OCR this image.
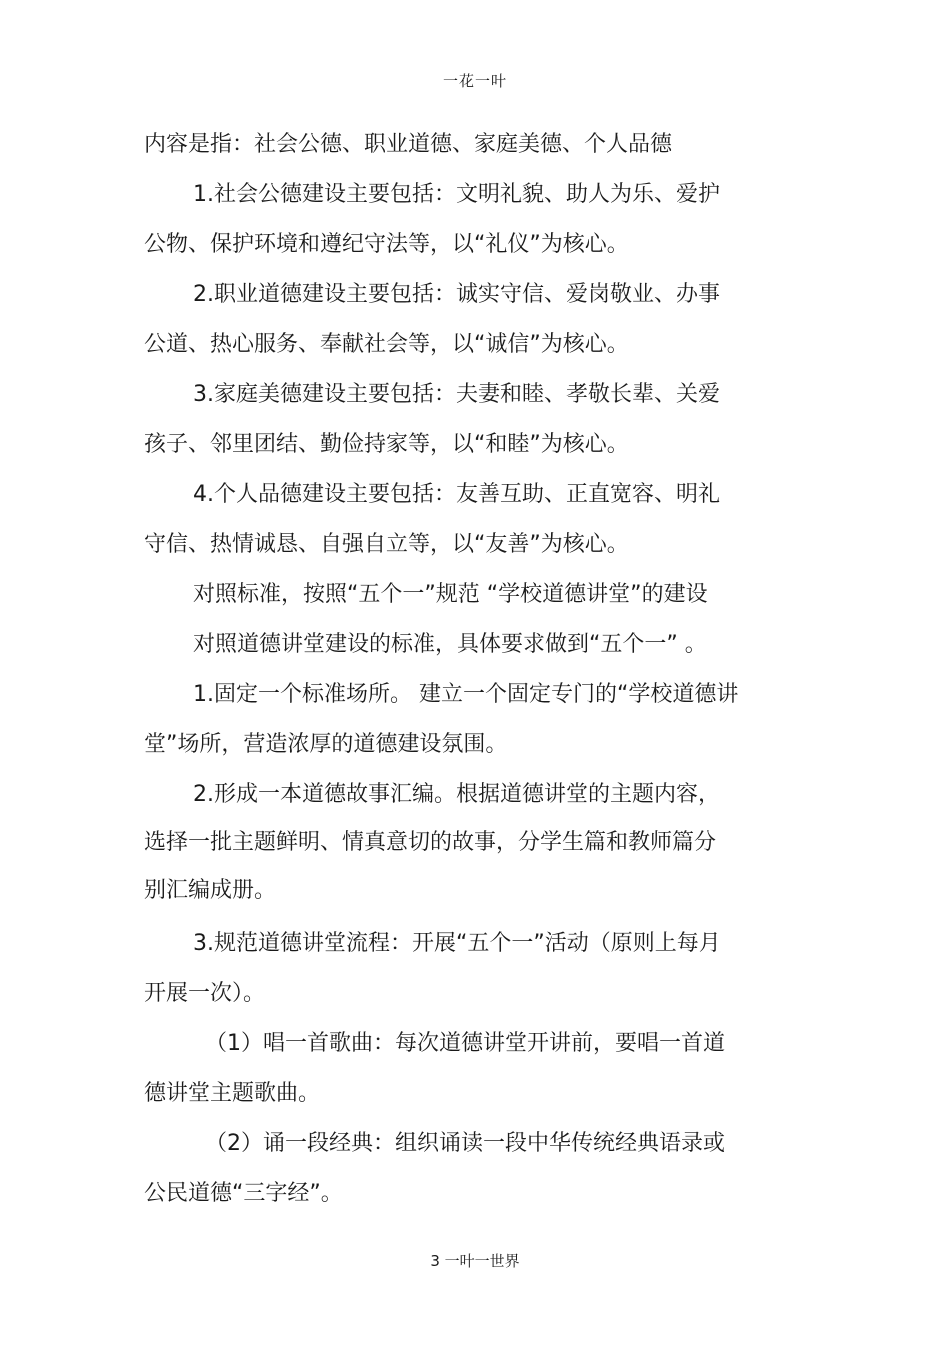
一花一叶
内容是指：社会公德、职业道德、家庭美德、个人品德
1.社会公德建设主要包括：文明礼貌、助人为乐、爱护
公物、保护环境和遵纪守法等，以“礼仪”为核心。
2.职业道德建设主要包括：诚实守信、爱岗敬业、办事
公道、热心服务、奉献社会等，以“诚信”为核心。
3.家庭美德建设主要包括：夫妻和睦、孝敬长辈、关爱
孩子、邻里团结、勤俭持家等，以“和睦”为核心。
4.个人品德建设主要包括：友善互助、正直宽容、明礼
守信、热情诚恳、自强自立等，以“友善”为核心。
对照标准，按照“五个一”规范 “学校道德讲堂”的建设
对照道德讲堂建设的标准，具体要求做到“五个一” 。
1.固定一个标准场所。 建立一个固定专门的“学校道德讲
堂”场所，营造浓厚的道德建设氛围。
2.形成一本道德故事汇编。根据道德讲堂的主题内容，
选择一批主题鲜明、情真意切的故事，分学生篇和教师篇分
别汇编成册。
3.规范道德讲堂流程：开展“五个一”活动（原则上每月
开展一次）。
（1）唱一首歌曲：每次道德讲堂开讲前，要唱一首道
德讲堂主题歌曲。
（2）诵一段经典：组织诵读一段中华传统经典语录或
公民道德“三字经”。
3 一叶一世界
